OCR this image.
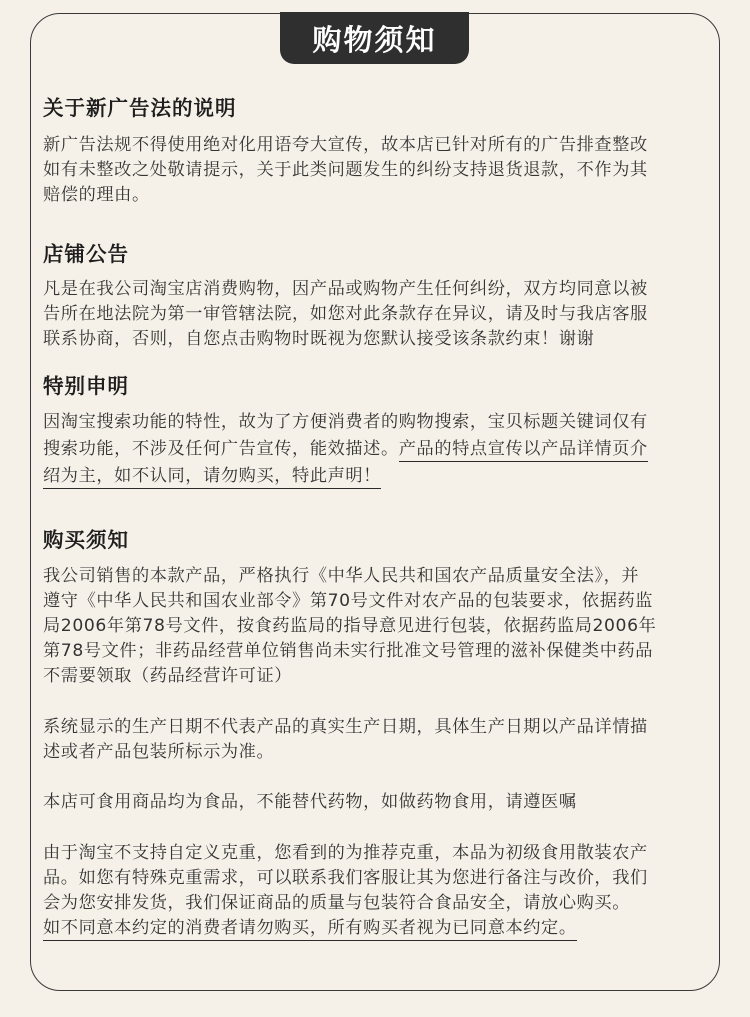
购物须知
关于新广告法的说明
新广告法规不得使用绝对化用语夸大宣传，故本店已针对所有的广告排查整改
如有未整改之处敬请提示，关于此类问题发生的纠纷支持退货退款，不作为其
赔偿的理由。
店铺公告
凡是在我公司淘宝店消费购物，因产品或购物产生任何纠纷，双方均同意以被
告所在地法院为第一审管辖法院，如您对此条款存在异议，请及时与我店客服
联系协商，否则，自您点击购物时既视为您默认接受该条款约束！谢谢
特别申明
因淘宝搜索功能的特性，故为了方便消费者的购物搜索，宝贝标题关键词仅有
搜索功能，不涉及任何广告宣传，能效描述。产品的特点宣传以产品详情页介
绍为主，如不认同，请勿购买，特此声明！
购买须知
我公司销售的本款产品，严格执行《中华人民共和国农产品质量安全法》，并
遵守《中华人民共和国农业部令》第70号文件对农产品的包装要求，依据药监
局2006年第78号文件，按食药监局的指导意见进行包装，依据药监局2006年
第78号文件；非药品经营单位销售尚未实行批准文号管理的滋补保健类中药品
不需要领取（药品经营许可证）
系统显示的生产日期不代表产品的真实生产日期，具体生产日期以产品详情描
述或者产品包装所标示为准。
本店可食用商品均为食品，不能替代药物，如做药物食用，请遵医嘱
由于淘宝不支持自定义克重，您看到的为推荐克重，本品为初级食用散装农产
品。如您有特殊克重需求，可以联系我们客服让其为您进行备注与改价，我们
会为您安排发货，我们保证商品的质量与包装符合食品安全，请放心购买。
如不同意本约定的消费者请勿购买，所有购买者视为已同意本约定。
